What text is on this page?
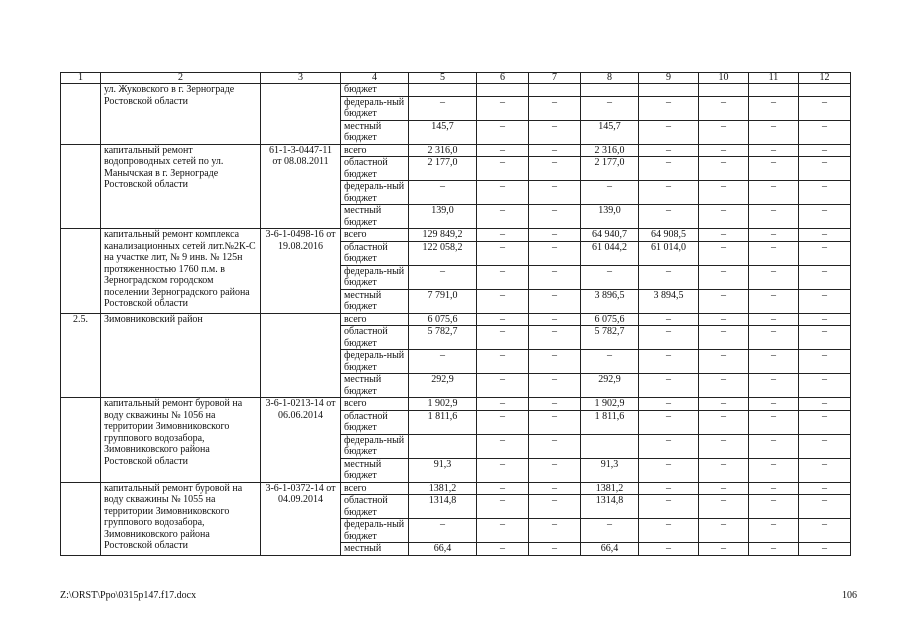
1	2	3	4	5	6	7	8	9	10	11	12
	ул. Жуковского в г. Зернограде Ростовской области		бюджет								
			федераль-ный бюджет	–	–	–	–	–	–	–	–
			местный бюджет	145,7	–	–	145,7	–	–	–	–
	капитальный ремонт водопроводных сетей по ул. Манычская в г. Зернограде Ростовской области	61-1-3-0447-11 от 08.08.2011	всего	2 316,0	–	–	2 316,0	–	–	–	–
			областной бюджет	2 177,0	–	–	2 177,0	–	–	–	–
			федераль-ный бюджет	–	–	–	–	–	–	–	–
			местный бюджет	139,0	–	–	139,0	–	–	–	–
	капитальный ремонт комплекса канализационных сетей лит.№2К-С на участке лит, № 9 инв. № 125н протяженностью 1760 п.м. в Зерноградском городском поселении Зерноградского района Ростовской области	3-6-1-0498-16 от 19.08.2016	всего	129 849,2	–	–	64 940,7	64 908,5	–	–	–
			областной бюджет	122 058,2	–	–	61 044,2	61 014,0	–	–	–
			федераль-ный бюджет	–	–	–	–	–	–	–	–
			местный бюджет	7 791,0	–	–	3 896,5	3 894,5	–	–	–
2.5.	Зимовниковский район		всего	6 075,6	–	–	6 075,6	–	–	–	–
			областной бюджет	5 782,7	–	–	5 782,7	–	–	–	–
			федераль-ный бюджет	–	–	–	–	–	–	–	–
			местный бюджет	292,9	–	–	292,9	–	–	–	–
	капитальный ремонт буровой на воду скважины № 1056 на территории Зимовниковского группового водозабора, Зимовниковского района Ростовской области	3-6-1-0213-14 от 06.06.2014	всего	1 902,9	–	–	1 902,9	–	–	–	–
			областной бюджет	1 811,6	–	–	1 811,6	–	–	–	–
			федераль-ный бюджет		–	–		–	–	–	–
			местный бюджет	91,3	–	–	91,3	–	–	–	–
	капитальный ремонт буровой на воду скважины № 1055 на территории Зимовниковского группового водозабора, Зимовниковского района Ростовской области	3-6-1-0372-14 от 04.09.2014	всего	1381,2	–	–	1381,2	–	–	–	–
			областной бюджет	1314,8	–	–	1314,8	–	–	–	–
			федераль-ный бюджет	–	–	–	–	–	–	–	–
			местный	66,4	–	–	66,4	–	–	–	–
Z:\ORST\Ppo\0315p147.f17.docx	106
